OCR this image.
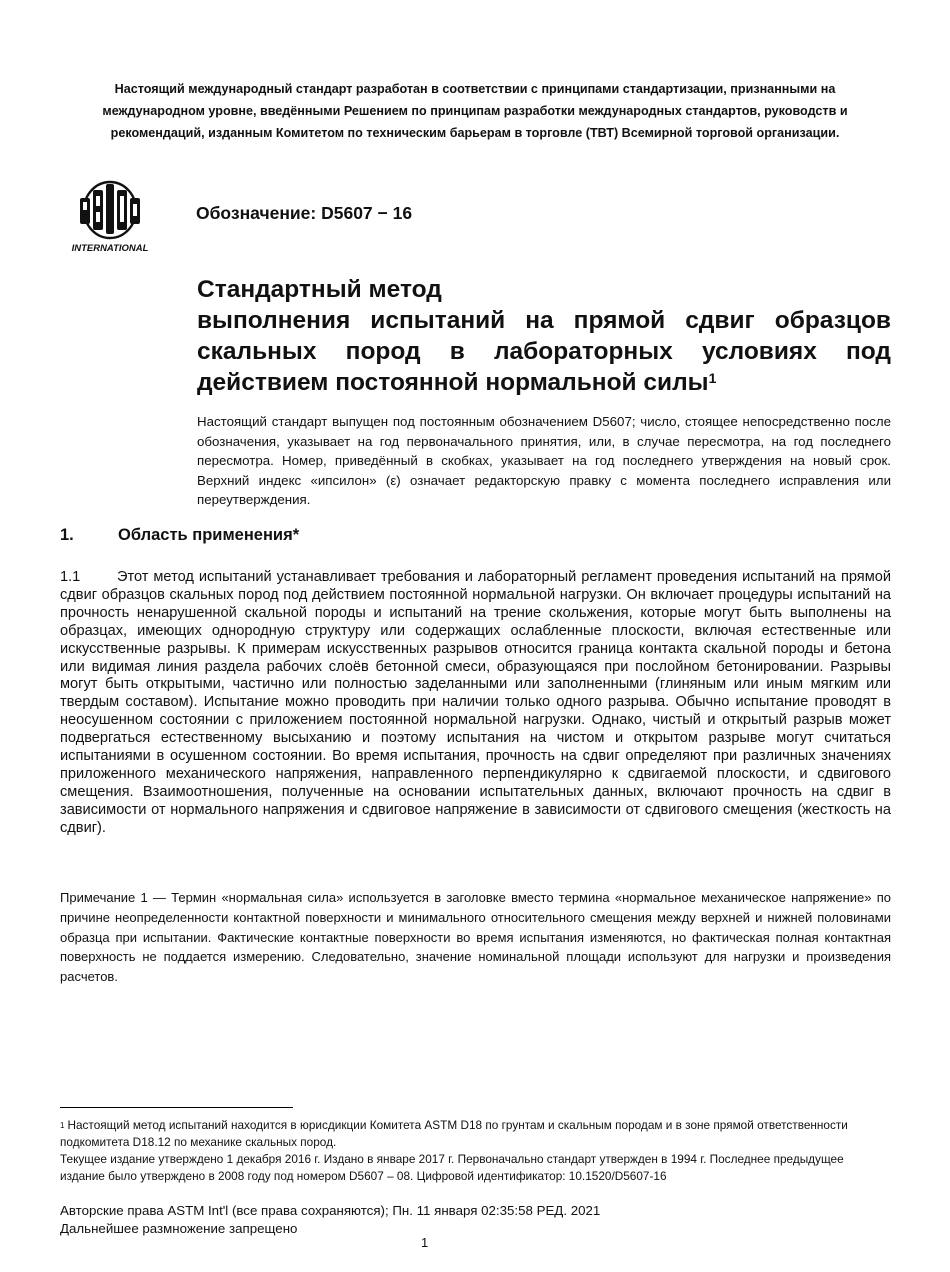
Настоящий международный стандарт разработан в соответствии с принципами стандартизации, признанными на международном уровне, введёнными Решением по принципам разработки международных стандартов, руководств и рекомендаций, изданным Комитетом по техническим барьерам в торговле (ТВТ) Всемирной торговой организации.
INTERNATIONAL
Обозначение: D5607 − 16
Стандартный метод
выполнения испытаний на прямой сдвиг образцов
скальных пород в лабораторных условиях под
действием постоянной нормальной силы$^1$
Настоящий стандарт выпущен под постоянным обозначением D5607; число, стоящее непосредственно после обозначения, указывает на год первоначального принятия, или, в случае пересмотра, на год последнего пересмотра. Номер, приведённый в скобках, указывает на год последнего утверждения на новый срок. Верхний индекс «ипсилон» (ε) означает редакторскую правку с момента последнего исправления или переутверждения.
1.	Область применения*
1.1	Этот метод испытаний устанавливает требования и лабораторный регламент проведения испытаний на прямой сдвиг образцов скальных пород под действием постоянной нормальной нагрузки. Он включает процедуры испытаний на прочность ненарушенной скальной породы и испытаний на трение скольжения, которые могут быть выполнены на образцах, имеющих однородную структуру или содержащих ослабленные плоскости, включая естественные или искусственные разрывы. К примерам искусственных разрывов относится граница контакта скальной породы и бетона или видимая линия раздела рабочих слоёв бетонной смеси, образующаяся при послойном бетонировании. Разрывы могут быть открытыми, частично или полностью заделанными или заполненными (глиняным или иным мягким или твердым составом). Испытание можно проводить при наличии только одного разрыва. Обычно испытание проводят в неосушенном состоянии с приложением постоянной нормальной нагрузки. Однако, чистый и открытый разрыв может подвергаться естественному высыханию и поэтому испытания на чистом и открытом разрыве могут считаться испытаниями в осушенном состоянии. Во время испытания, прочность на сдвиг определяют при различных значениях приложенного механического напряжения, направленного перпендикулярно к сдвигаемой плоскости, и сдвигового смещения. Взаимоотношения, полученные на основании испытательных данных, включают прочность на сдвиг в зависимости от нормального напряжения и сдвиговое напряжение в зависимости от сдвигового смещения (жесткость на сдвиг).
Примечание 1 — Термин «нормальная сила» используется в заголовке вместо термина «нормальное механическое напряжение» по причине неопределенности контактной поверхности и минимального относительного смещения между верхней и нижней половинами образца при испытании. Фактические контактные поверхности во время испытания изменяются, но фактическая полная контактная поверхность не поддается измерению. Следовательно, значение номинальной площади используют для нагрузки и произведения расчетов.
$^1$ Настоящий метод испытаний находится в юрисдикции Комитета ASTM D18 по грунтам и скальным породам и в зоне прямой ответственности подкомитета D18.12 по механике скальных пород.
Текущее издание утверждено 1 декабря 2016 г. Издано в январе 2017 г. Первоначально стандарт утвержден в 1994 г. Последнее предыдущее издание было утверждено в 2008 году под номером D5607 – 08. Цифровой идентификатор: 10.1520/D5607-16
Авторские права ASTM Int'l (все права сохраняются); Пн. 11 января 02:35:58 РЕД. 2021
Дальнейшее размножение запрещено
1
